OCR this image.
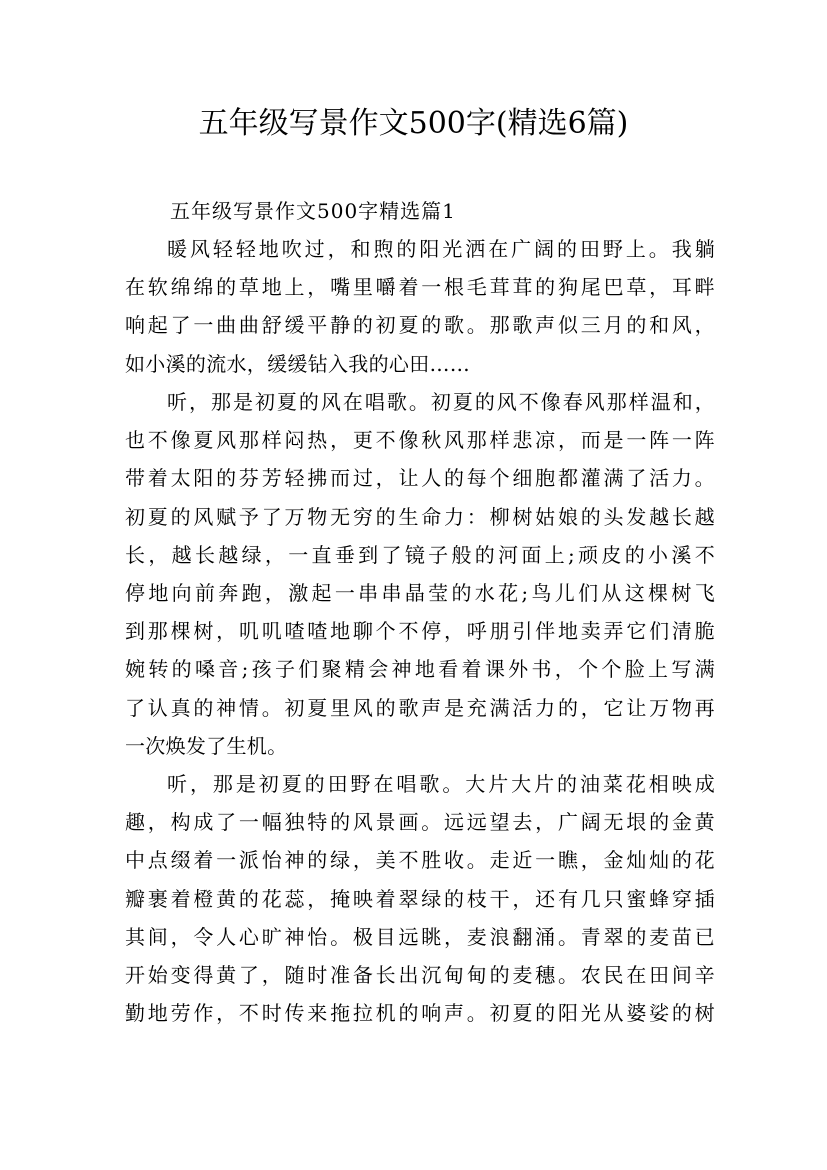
五年级写景作文500字(精选6篇)
五年级写景作文500字精选篇1
暖风轻轻地吹过，和煦的阳光洒在广阔的田野上。我躺
在软绵绵的草地上，嘴里嚼着一根毛茸茸的狗尾巴草，耳畔
响起了一曲曲舒缓平静的初夏的歌。那歌声似三月的和风，
如小溪的流水，缓缓钻入我的心田……
听，那是初夏的风在唱歌。初夏的风不像春风那样温和，
也不像夏风那样闷热，更不像秋风那样悲凉，而是一阵一阵
带着太阳的芬芳轻拂而过，让人的每个细胞都灌满了活力。
初夏的风赋予了万物无穷的生命力：柳树姑娘的头发越长越
长，越长越绿，一直垂到了镜子般的河面上;顽皮的小溪不
停地向前奔跑，激起一串串晶莹的水花;鸟儿们从这棵树飞
到那棵树，叽叽喳喳地聊个不停，呼朋引伴地卖弄它们清脆
婉转的嗓音;孩子们聚精会神地看着课外书，个个脸上写满
了认真的神情。初夏里风的歌声是充满活力的，它让万物再
一次焕发了生机。
听，那是初夏的田野在唱歌。大片大片的油菜花相映成
趣，构成了一幅独特的风景画。远远望去，广阔无垠的金黄
中点缀着一派怡神的绿，美不胜收。走近一瞧，金灿灿的花
瓣裹着橙黄的花蕊，掩映着翠绿的枝干，还有几只蜜蜂穿插
其间，令人心旷神怡。极目远眺，麦浪翻涌。青翠的麦苗已
开始变得黄了，随时准备长出沉甸甸的麦穗。农民在田间辛
勤地劳作，不时传来拖拉机的响声。初夏的阳光从婆娑的树
